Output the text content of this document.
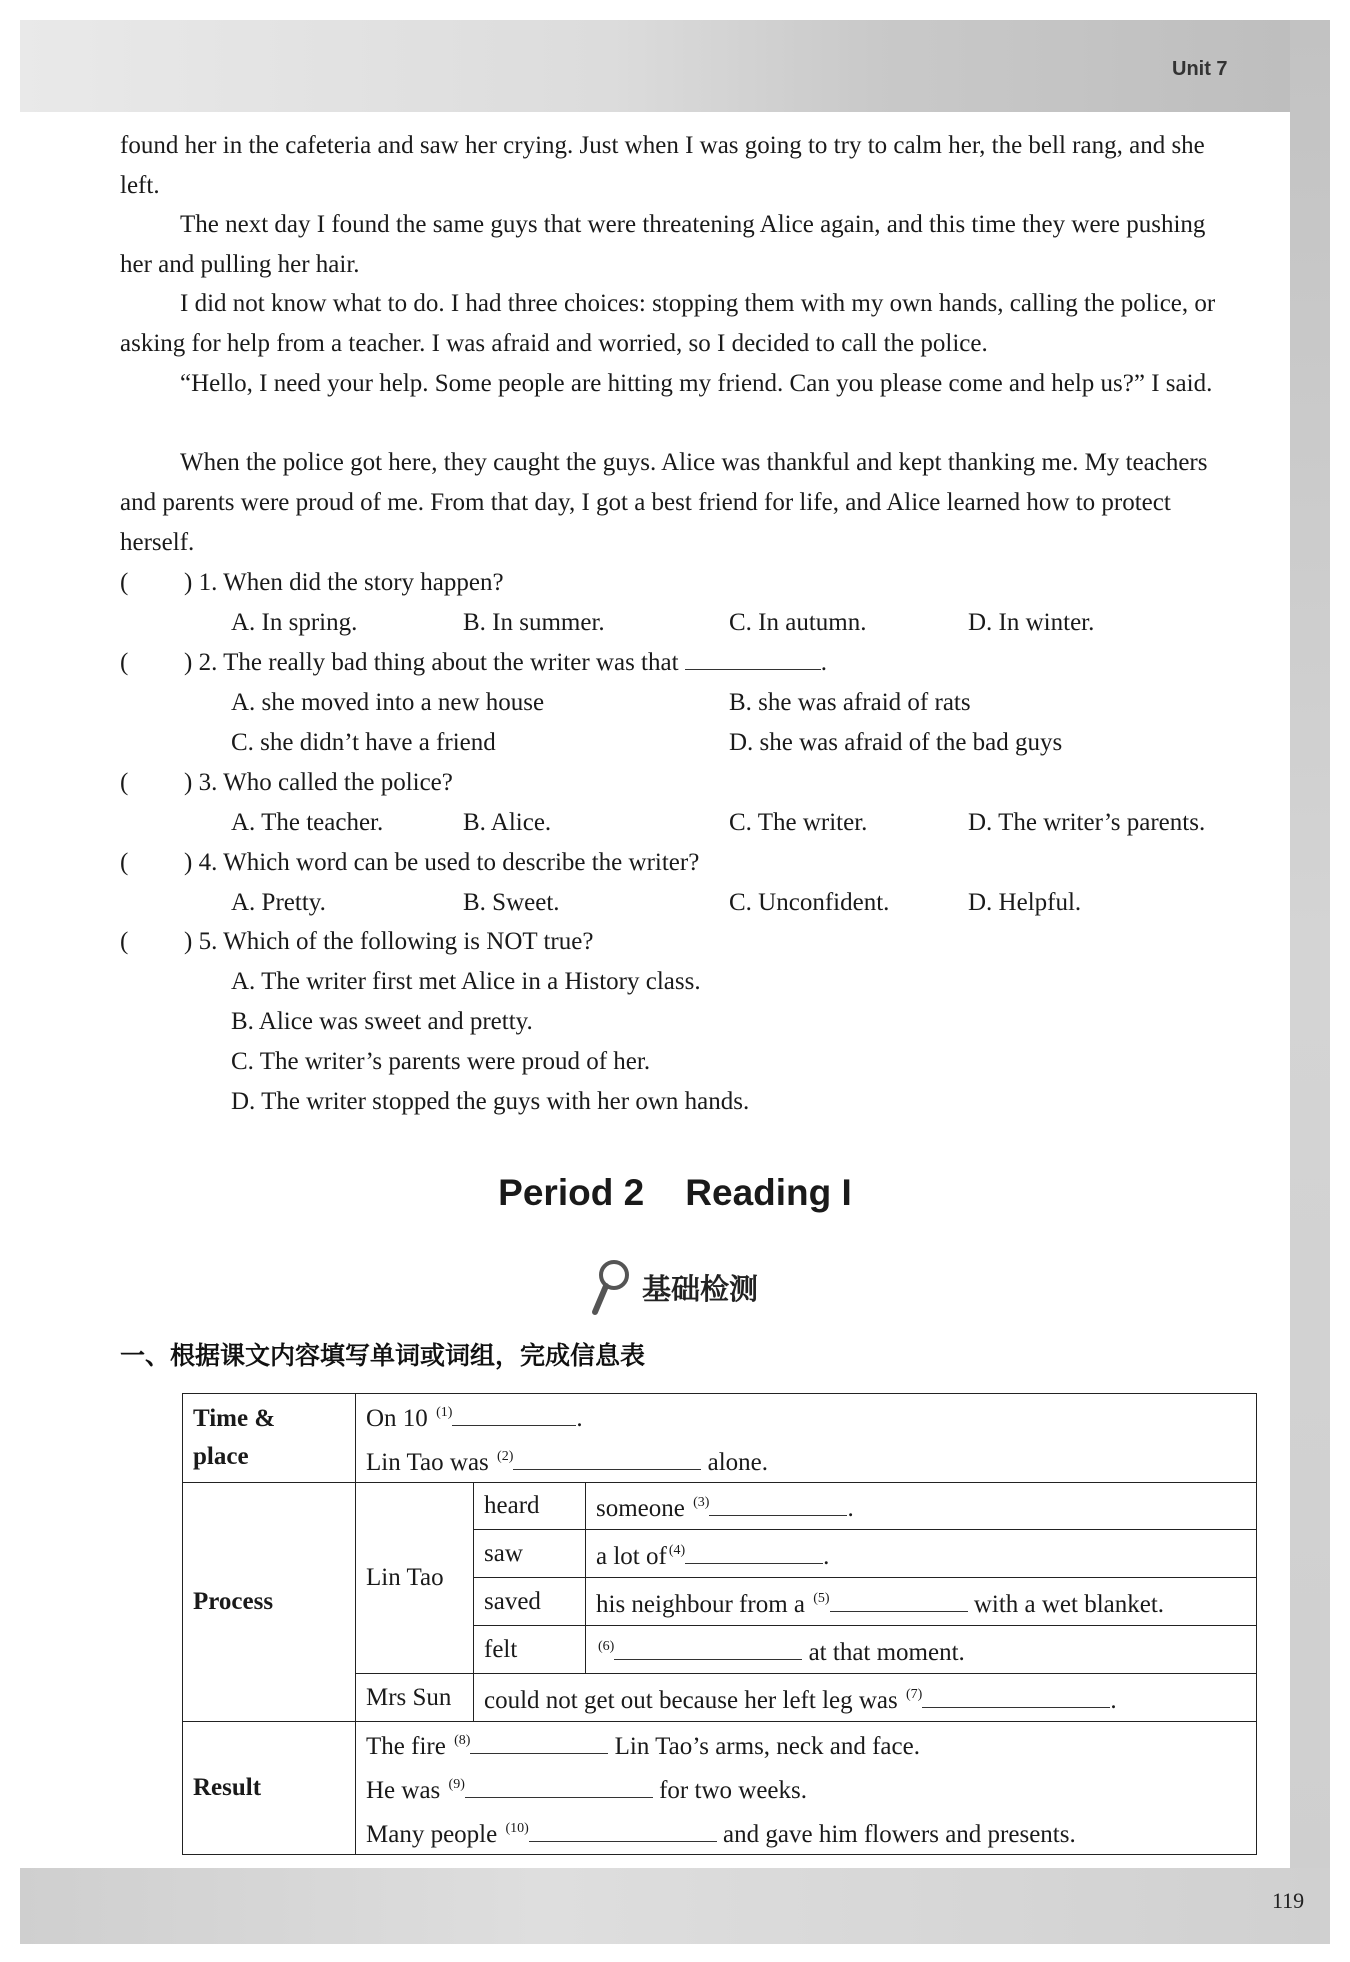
Unit 7

found her in the cafeteria and saw her crying. Just when I was going to try to calm her, the bell rang, and she left.

The next day I found the same guys that were threatening Alice again, and this time they were pushing her and pulling her hair.

I did not know what to do. I had three choices: stopping them with my own hands, calling the police, or asking for help from a teacher. I was afraid and worried, so I decided to call the police.

“Hello, I need your help. Some people are hitting my friend. Can you please come and help us?” I said.

When the police got here, they caught the guys. Alice was thankful and kept thanking me. My teachers and parents were proud of me. From that day, I got a best friend for life, and Alice learned how to protect herself.

( ) 1. When did the story happen?
A. In spring.	B. In summer.	C. In autumn.	D. In winter.
( ) 2. The really bad thing about the writer was that	.
A. she moved into a new house	B. she was afraid of rats
C. she didn’t have a friend	D. she was afraid of the bad guys
( ) 3. Who called the police?
A. The teacher.	B. Alice.	C. The writer.	D. The writer’s parents.
( ) 4. Which word can be used to describe the writer?
A. Pretty.	B. Sweet.	C. Unconfident.	D. Helpful.
( ) 5. Which of the following is NOT true?
A. The writer first met Alice in a History class.
B. Alice was sweet and pretty.
C. The writer’s parents were proud of her.
D. The writer stopped the guys with her own hands.
Period 2    Reading I
基础检测
一、根据课文内容填写单词或词组，完成信息表
Time &
place	On 10 $^{(1)}$ .
Lin Tao was $^{(2)}$ alone.		

Process	Lin Tao	heard	someone $^{(3)}$ .
		saw	a lot of $^{(4)}$ .
		saved	his neighbour from a $^{(5)}$ with a wet blanket.
		felt	$^{(6)}$ at that moment.
	Mrs Sun	could not get out because her left leg was $^{(7)}$ .	
Result	The fire $^{(8)}$ Lin Tao’s arms, neck and face.
He was $^{(9)}$ for two weeks.
Many people $^{(10)}$ and gave him flowers and presents.		
119
